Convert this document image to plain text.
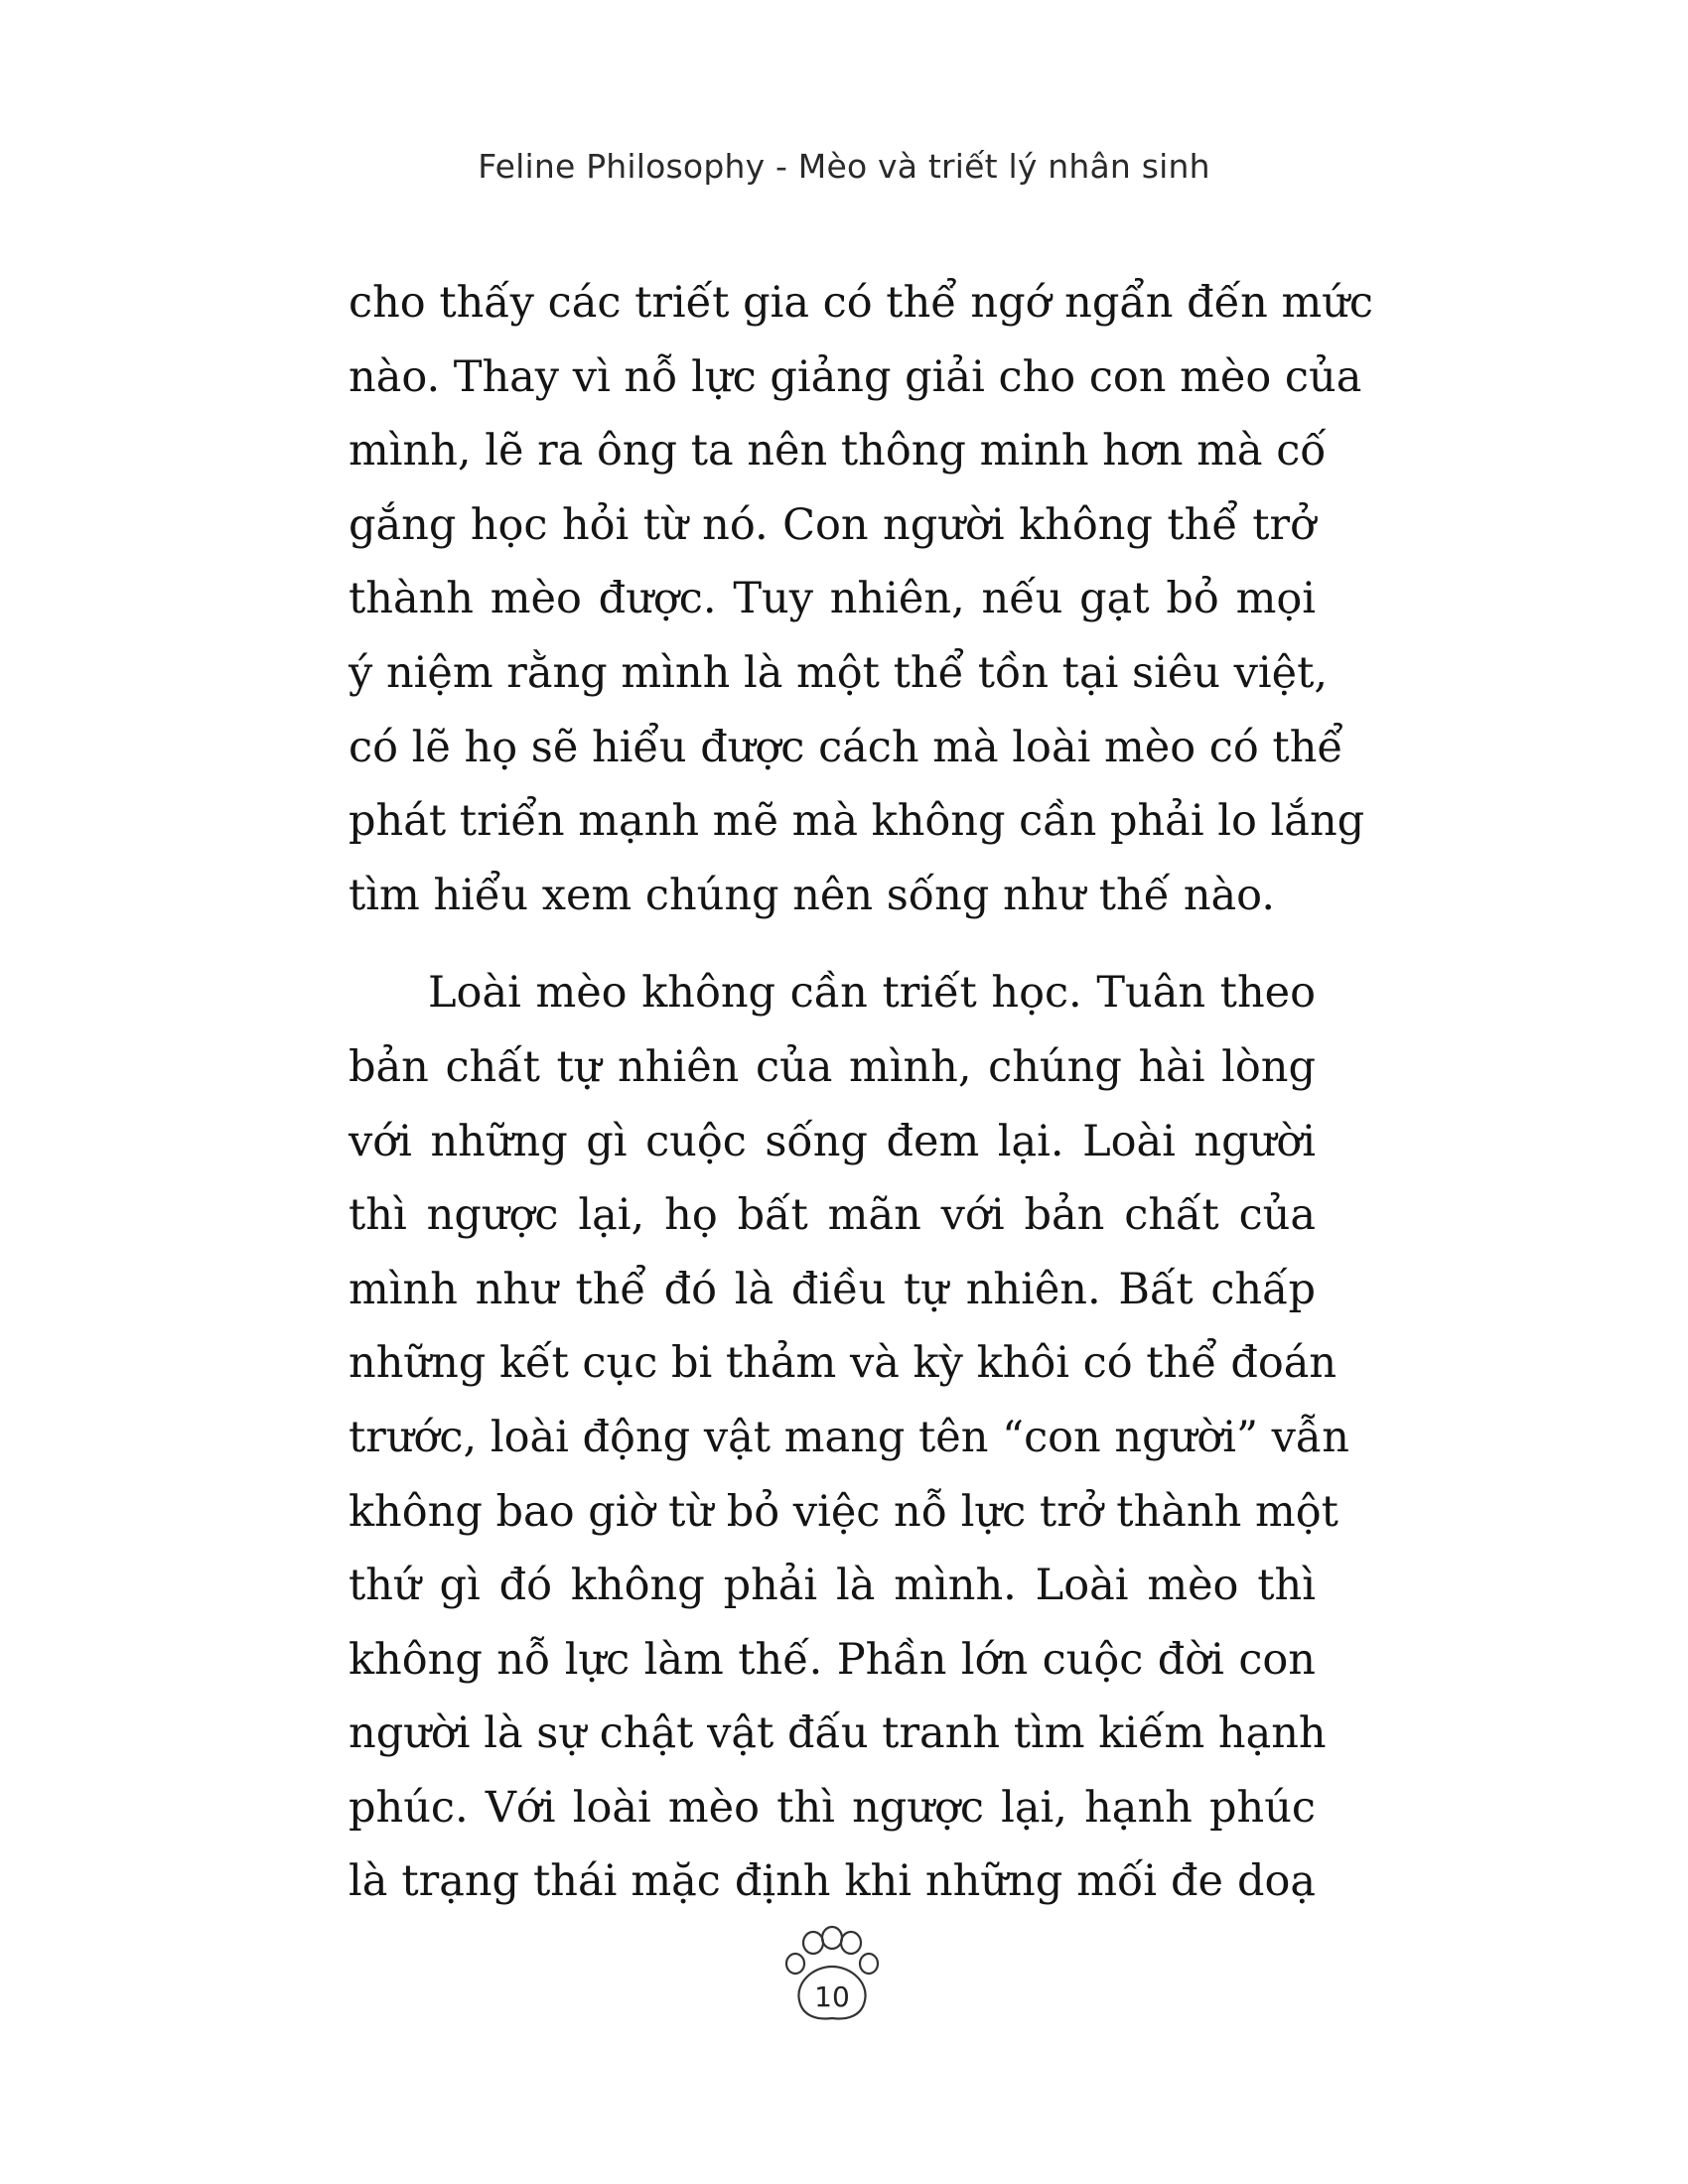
Feline Philosophy - Mèo và triết lý nhân sinh

cho thấy các triết gia có thể ngớ ngẩn đến mức
nào. Thay vì nỗ lực giảng giải cho con mèo của
mình, lẽ ra ông ta nên thông minh hơn mà cố
gắng học hỏi từ nó. Con người không thể trở
thành mèo được. Tuy nhiên, nếu gạt bỏ mọi
ý niệm rằng mình là một thể tồn tại siêu việt,
có lẽ họ sẽ hiểu được cách mà loài mèo có thể
phát triển mạnh mẽ mà không cần phải lo lắng
tìm hiểu xem chúng nên sống như thế nào.

Loài mèo không cần triết học. Tuân theo
bản chất tự nhiên của mình, chúng hài lòng
với những gì cuộc sống đem lại. Loài người
thì ngược lại, họ bất mãn với bản chất của
mình như thể đó là điều tự nhiên. Bất chấp
những kết cục bi thảm và kỳ khôi có thể đoán
trước, loài động vật mang tên “con người” vẫn
không bao giờ từ bỏ việc nỗ lực trở thành một
thứ gì đó không phải là mình. Loài mèo thì
không nỗ lực làm thế. Phần lớn cuộc đời con
người là sự chật vật đấu tranh tìm kiếm hạnh
phúc. Với loài mèo thì ngược lại, hạnh phúc
là trạng thái mặc định khi những mối đe doạ

10
